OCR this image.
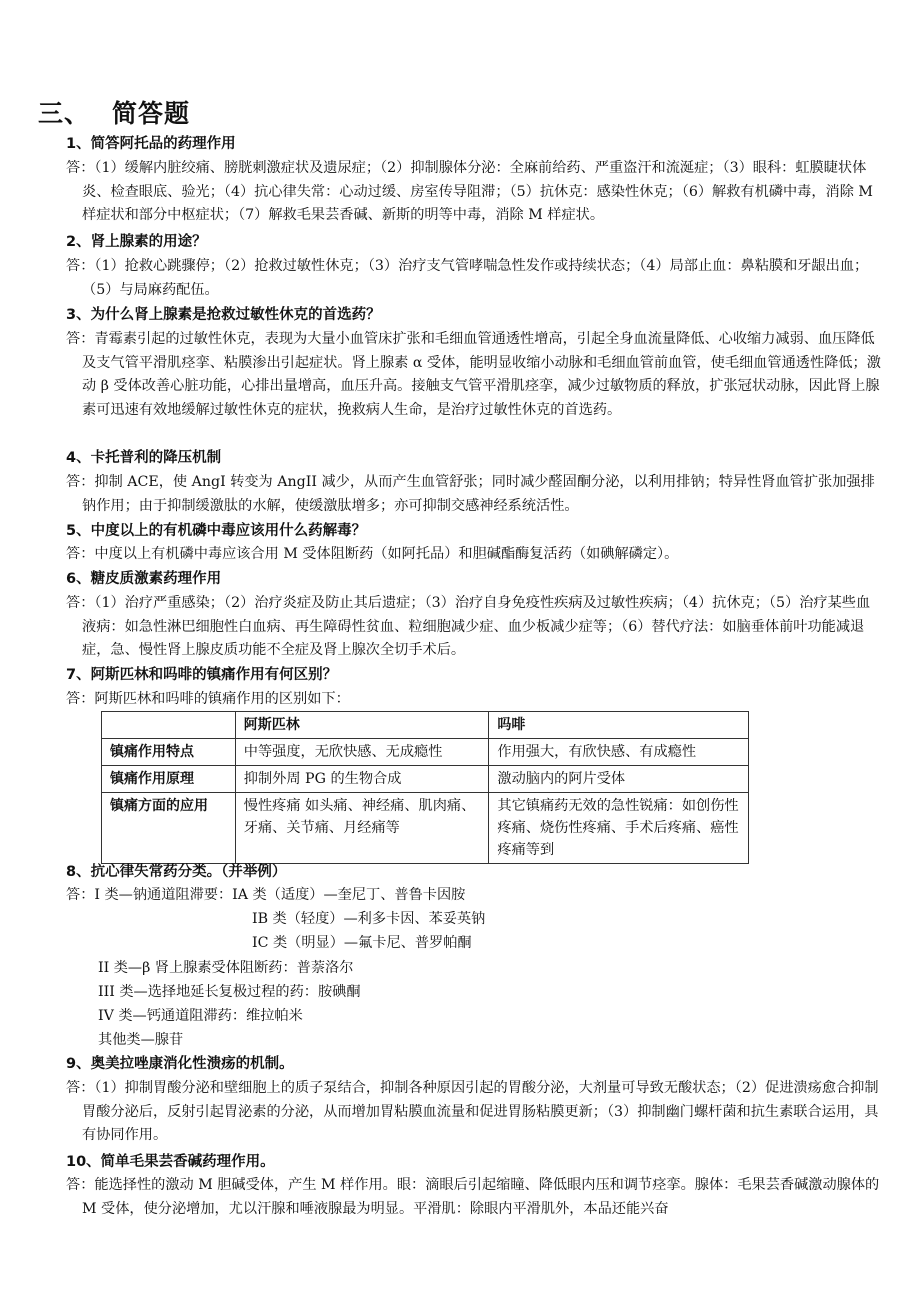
三、 简答题
1、简答阿托品的药理作用
答：（1）缓解内脏绞痛、膀胱刺激症状及遗尿症；（2）抑制腺体分泌：全麻前给药、严重盗汗和流涎症；（3）眼科：虹膜睫状体炎、检查眼底、验光；（4）抗心律失常：心动过缓、房室传导阻滞；（5）抗休克：感染性休克；（6）解救有机磷中毒，消除 M 样症状和部分中枢症状；（7）解救毛果芸香碱、新斯的明等中毒，消除 M 样症状。
2、肾上腺素的用途？
答：（1）抢救心跳骤停；（2）抢救过敏性休克；（3）治疗支气管哮喘急性发作或持续状态；（4）局部止血：鼻粘膜和牙龈出血；（5）与局麻药配伍。
3、为什么肾上腺素是抢救过敏性休克的首选药？
答：青霉素引起的过敏性休克，表现为大量小血管床扩张和毛细血管通透性增高，引起全身血流量降低、心收缩力减弱、血压降低及支气管平滑肌痉挛、粘膜渗出引起症状。肾上腺素 α 受体，能明显收缩小动脉和毛细血管前血管，使毛细血管通透性降低；激动 β 受体改善心脏功能，心排出量增高，血压升高。接触支气管平滑肌痉挛，减少过敏物质的释放，扩张冠状动脉，因此肾上腺素可迅速有效地缓解过敏性休克的症状，挽救病人生命，是治疗过敏性休克的首选药。
4、卡托普利的降压机制
答：抑制 ACE，使 AngI 转变为 AngII 减少，从而产生血管舒张；同时减少醛固酮分泌，以利用排钠；特异性肾血管扩张加强排钠作用；由于抑制缓激肽的水解，使缓激肽增多；亦可抑制交感神经系统活性。
5、中度以上的有机磷中毒应该用什么药解毒？
答：中度以上有机磷中毒应该合用 M 受体阻断药（如阿托品）和胆碱酯酶复活药（如碘解磷定）。
6、糖皮质激素药理作用
答：（1）治疗严重感染；（2）治疗炎症及防止其后遗症；（3）治疗自身免疫性疾病及过敏性疾病；（4）抗休克；（5）治疗某些血液病：如急性淋巴细胞性白血病、再生障碍性贫血、粒细胞减少症、血少板减少症等；（6）替代疗法：如脑垂体前叶功能减退症，急、慢性肾上腺皮质功能不全症及肾上腺次全切手术后。
7、阿斯匹林和吗啡的镇痛作用有何区别？
答：阿斯匹林和吗啡的镇痛作用的区别如下：
	阿斯匹林	吗啡
镇痛作用特点	中等强度，无欣快感、无成瘾性	作用强大，有欣快感、有成瘾性
镇痛作用原理	抑制外周 PG 的生物合成	激动脑内的阿片受体
镇痛方面的应用	慢性疼痛 如头痛、神经痛、肌肉痛、牙痛、关节痛、月经痛等	其它镇痛药无效的急性锐痛：如创伤性疼痛、烧伤性疼痛、手术后疼痛、癌性疼痛等到
8、抗心律失常药分类。（并举例）
答：I 类—钠通道阻滞要：IA 类（适度）—奎尼丁、普鲁卡因胺
IB 类（轻度）—利多卡因、苯妥英钠
IC 类（明显）—氟卡尼、普罗帕酮
II 类—β 肾上腺素受体阻断药：普萘洛尔
III 类—选择地延长复极过程的药：胺碘酮
IV 类—钙通道阻滞药：维拉帕米
其他类—腺苷
9、奥美拉唑康消化性溃疡的机制。
答：（1）抑制胃酸分泌和壁细胞上的质子泵结合，抑制各种原因引起的胃酸分泌，大剂量可导致无酸状态；（2）促进溃疡愈合抑制胃酸分泌后，反射引起胃泌素的分泌，从而增加胃粘膜血流量和促进胃肠粘膜更新；（3）抑制幽门螺杆菌和抗生素联合运用，具有协同作用。
10、简单毛果芸香碱药理作用。
答：能选择性的激动 M 胆碱受体，产生 M 样作用。眼：滴眼后引起缩瞳、降低眼内压和调节痉挛。腺体：毛果芸香碱激动腺体的 M 受体，使分泌增加，尤以汗腺和唾液腺最为明显。平滑肌：除眼内平滑肌外，本品还能兴奋
